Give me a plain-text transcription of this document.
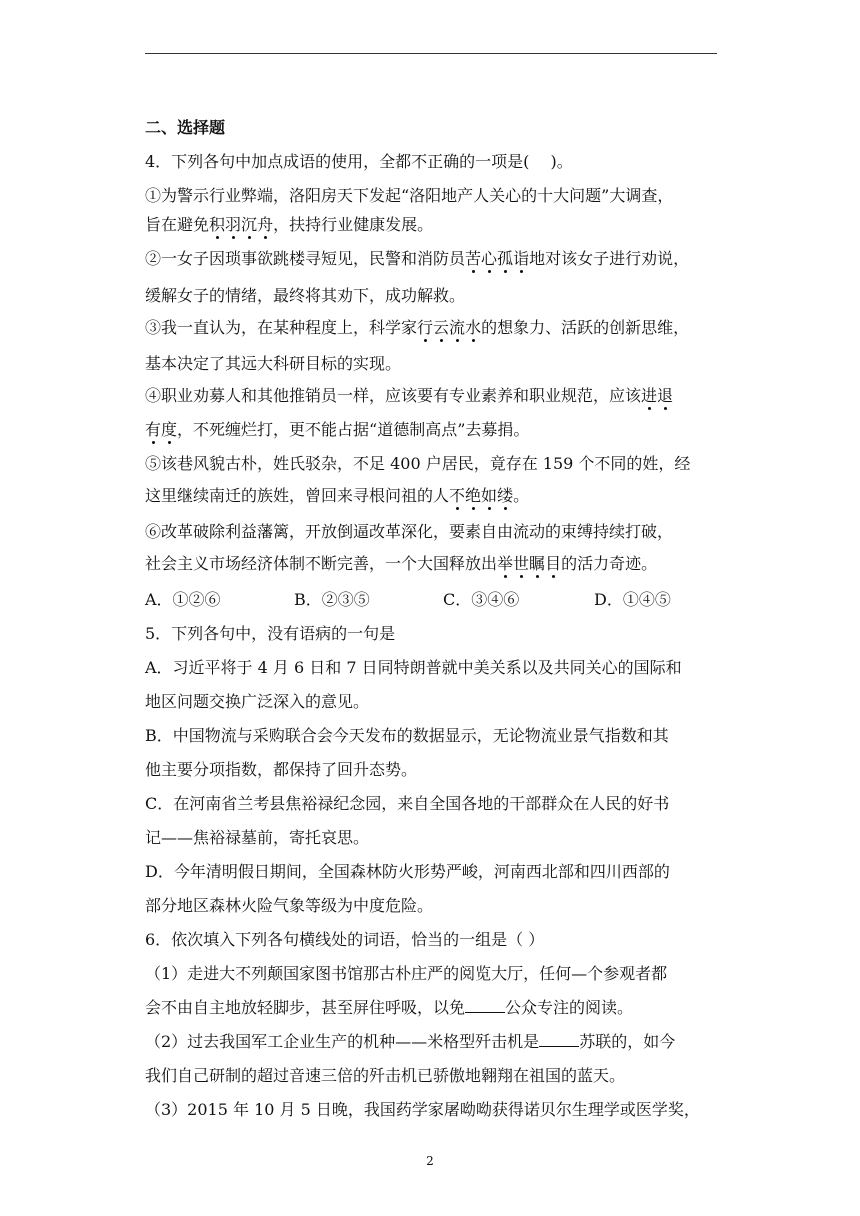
二、选择题
4．下列各句中加点成语的使用，全都不正确的一项是(　 )。
①为警示行业弊端，洛阳房天下发起“洛阳地产人关心的十大问题”大调查，
旨在避免积羽沉舟，扶持行业健康发展。
②一女子因琐事欲跳楼寻短见，民警和消防员苦心孤诣地对该女子进行劝说，
缓解女子的情绪，最终将其劝下，成功解救。
③我一直认为，在某种程度上，科学家行云流水的想象力、活跃的创新思维，
基本决定了其远大科研目标的实现。
④职业劝募人和其他推销员一样，应该要有专业素养和职业规范，应该进退
有度，不死缠烂打，更不能占据“道德制高点”去募捐。
⑤该巷风貌古朴，姓氏驳杂，不足 400 户居民，竟存在 159 个不同的姓，经
这里继续南迁的族姓，曾回来寻根问祖的人不绝如缕。
⑥改革破除利益藩篱，开放倒逼改革深化，要素自由流动的束缚持续打破，
社会主义市场经济体制不断完善，一个大国释放出举世瞩目的活力奇迹。
A．①②⑥	B．②③⑤	C．③④⑥	D．①④⑤
5．下列各句中，没有语病的一句是
A．习近平将于 4 月 6 日和 7 日同特朗普就中美关系以及共同关心的国际和
地区问题交换广泛深入的意见。
B．中国物流与采购联合会今天发布的数据显示，无论物流业景气指数和其
他主要分项指数，都保持了回升态势。
C．在河南省兰考县焦裕禄纪念园，来自全国各地的干部群众在人民的好书
记——焦裕禄墓前，寄托哀思。
D．今年清明假日期间，全国森林防火形势严峻，河南西北部和四川西部的
部分地区森林火险气象等级为中度危险。
6．依次填入下列各句横线处的词语，恰当的一组是（ ）
（1）走进大不列颠国家图书馆那古朴庄严的阅览大厅，任何—个参观者都
会不由自主地放轻脚步，甚至屏住呼吸，以免	公众专注的阅读。
（2）过去我国军工企业生产的机种——米格型歼击机是	苏联的，如今
我们自己研制的超过音速三倍的歼击机已骄傲地翱翔在祖国的蓝天。
（3）2015 年 10 月 5 日晚，我国药学家屠呦呦获得诺贝尔生理学或医学奖，
2
